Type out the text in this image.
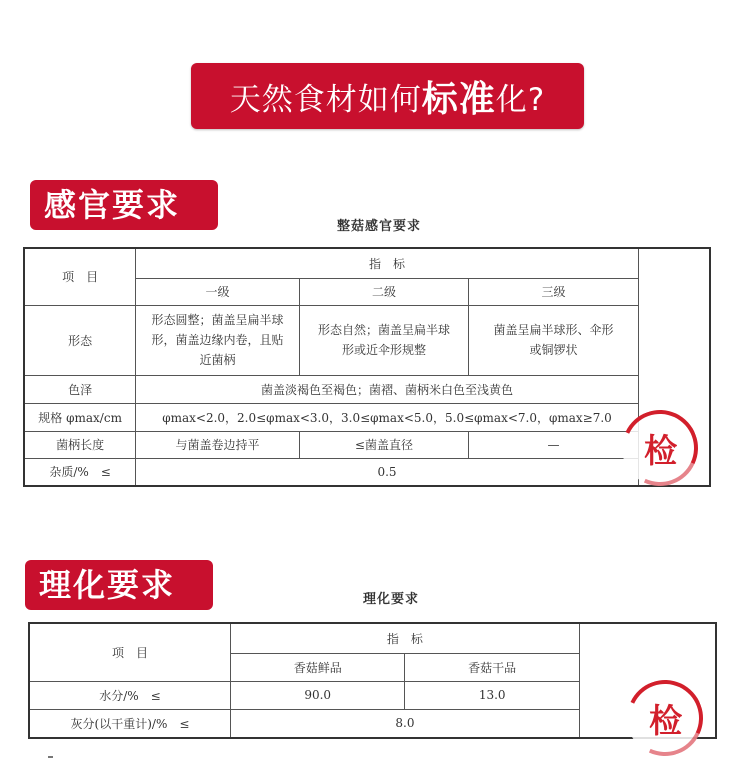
天然食材如何 标准 化?
感官要求
整菇感官要求
项　目	指　标			
	一级	二级	三级	
形态	形态圆整；菌盖呈扁半球形，菌盖边缘内卷，且贴近菌柄	形态自然；菌盖呈扁半球形或近伞形规整	菌盖呈扁半球形、伞形或铜锣状	
色泽	菌盖淡褐色至褐色；菌褶、菌柄米白色至浅黄色			
规格 φmax/cm	φmax<2.0，2.0≤φmax<3.0，3.0≤φmax<5.0，5.0≤φmax<7.0，φmax≥7.0			
菌柄长度	与菌盖卷边持平	≤菌盖直径	—	
杂质/%　≤	0.5			
检
理化要求	理化要求
项　目	指　标		
	香菇鲜品	香菇干品	
水分/%　≤	90.0	13.0	
灰分(以干重计)/%　≤	8.0			检
